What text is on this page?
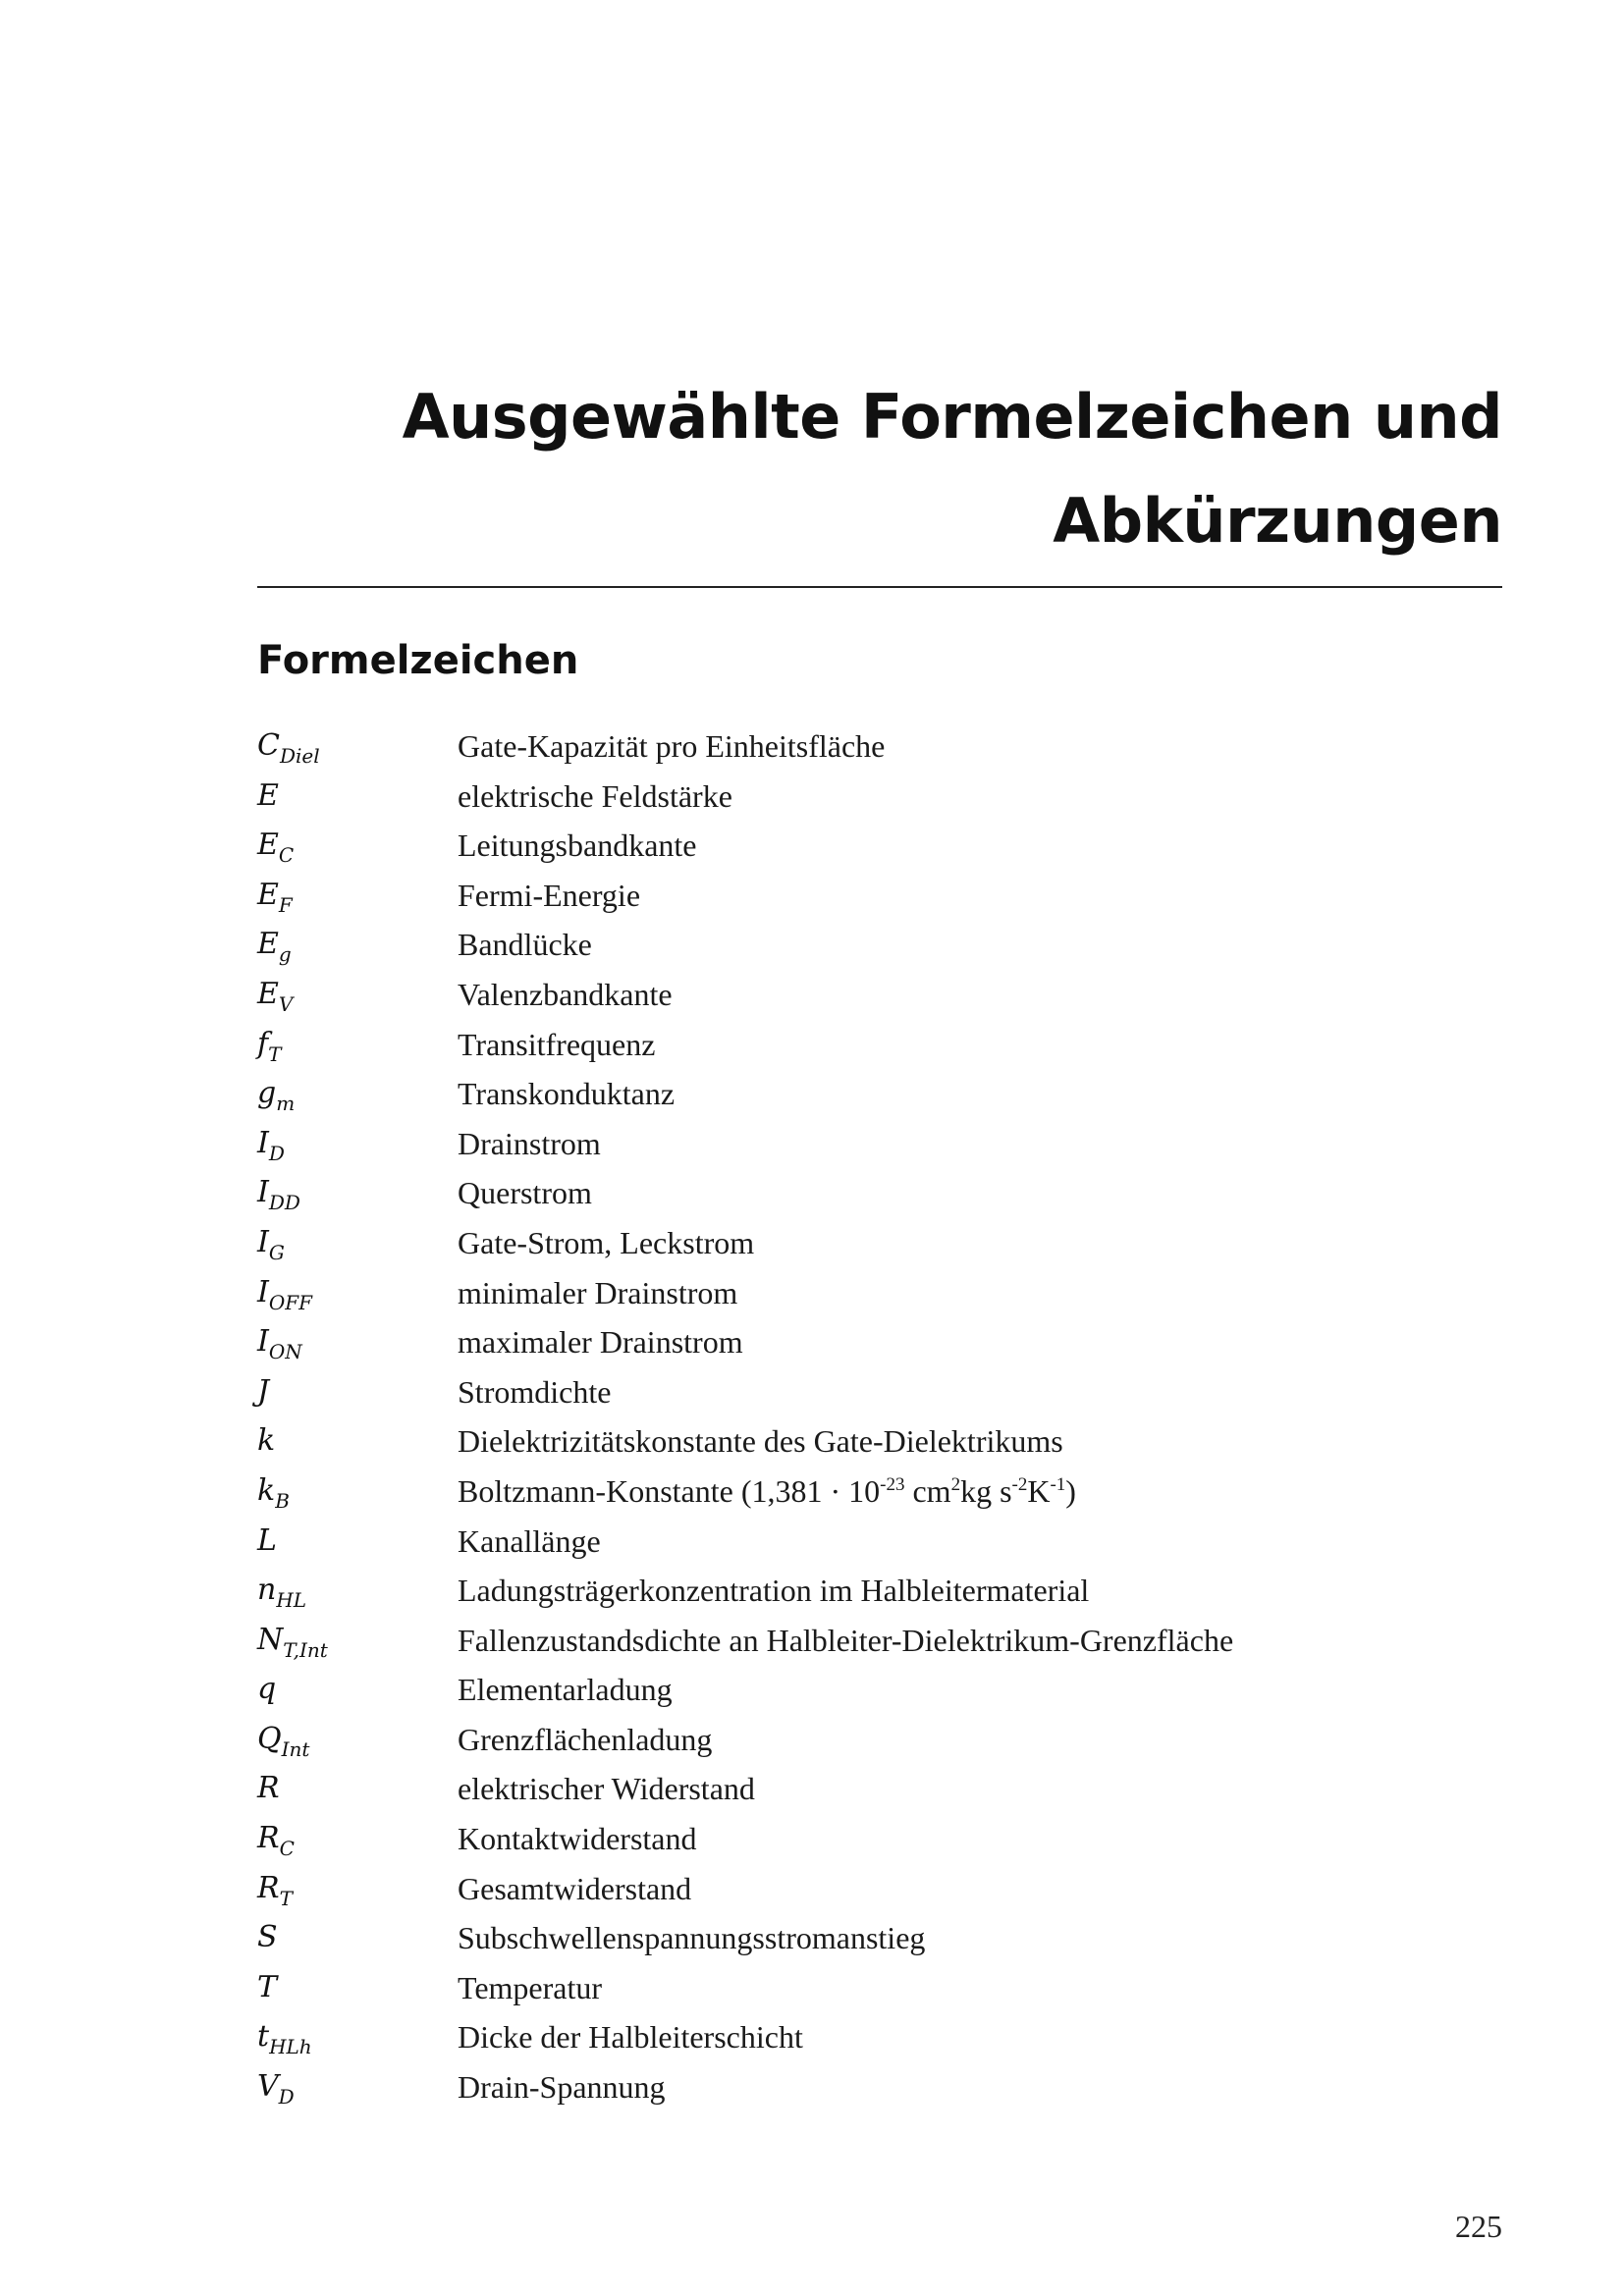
Ausgewählte Formelzeichen und
Abkürzungen
Formelzeichen
$C_{Diel}$	Gate-Kapazität pro Einheitsfläche
E	elektrische Feldstärke
$E_C$	Leitungsbandkante
$E_F$	Fermi-Energie
$E_g$	Bandlücke
$E_V$	Valenzbandkante
$f_T$	Transitfrequenz
$g_m$	Transkonduktanz
$I_D$	Drainstrom
$I_{DD}$	Querstrom
$I_G$	Gate-Strom, Leckstrom
$I_{OFF}$	minimaler Drainstrom
$I_{ON}$	maximaler Drainstrom
J	Stromdichte
k	Dielektrizitätskonstante des Gate-Dielektrikums
$k_B$	Boltzmann-Konstante ($1,381 \cdot 10^{-23}$ $cm^2kg$ $s^{-2}K^{-1}$)
L	Kanallänge
$n_{HL}$	Ladungsträgerkonzentration im Halbleitermaterial
$N_{T,Int}$	Fallenzustandsdichte an Halbleiter-Dielektrikum-Grenzfläche
q	Elementarladung
$Q_{Int}$	Grenzflächenladung
R	elektrischer Widerstand
$R_C$	Kontaktwiderstand
$R_T$	Gesamtwiderstand
S	Subschwellenspannungsstromanstieg
T	Temperatur
$t_{HLh}$	Dicke der Halbleiterschicht
$V_D$	Drain-Spannung
225
